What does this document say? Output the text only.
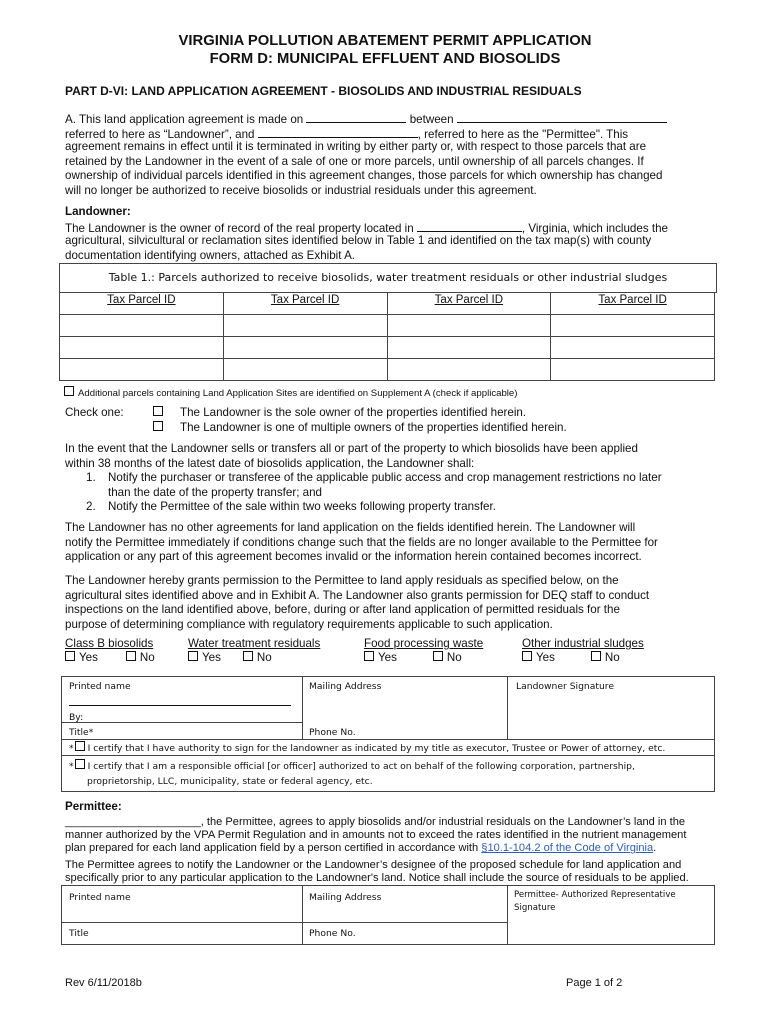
VIRGINIA POLLUTION ABATEMENT PERMIT APPLICATION
FORM D: MUNICIPAL EFFLUENT AND BIOSOLIDS
PART D-VI: LAND APPLICATION AGREEMENT - BIOSOLIDS AND INDUSTRIAL RESIDUALS
A. This land application agreement is made on	between
referred to here as “Landowner”, and	, referred to here as the "Permittee". This
agreement remains in effect until it is terminated in writing by either party or, with respect to those parcels that are
retained by the Landowner in the event of a sale of one or more parcels, until ownership of all parcels changes. If
ownership of individual parcels identified in this agreement changes, those parcels for which ownership has changed
will no longer be authorized to receive biosolids or industrial residuals under this agreement.
Landowner:
The Landowner is the owner of record of the real property located in	, Virginia, which includes the
agricultural, silvicultural or reclamation sites identified below in Table 1 and identified on the tax map(s) with county
documentation identifying owners, attached as Exhibit A.
Table 1.: Parcels authorized to receive biosolids, water treatment residuals or other industrial sludges
Tax Parcel ID	Tax Parcel ID	Tax Parcel ID	Tax Parcel ID

Additional parcels containing Land Application Sites are identified on Supplement A (check if applicable)
Check one:	The Landowner is the sole owner of the properties identified herein.
The Landowner is one of multiple owners of the properties identified herein.
In the event that the Landowner sells or transfers all or part of the property to which biosolids have been applied
within 38 months of the latest date of biosolids application, the Landowner shall:
1. Notify the purchaser or transferee of the applicable public access and crop management restrictions no later
than the date of the property transfer; and
2. Notify the Permittee of the sale within two weeks following property transfer.
The Landowner has no other agreements for land application on the fields identified herein. The Landowner will
notify the Permittee immediately if conditions change such that the fields are no longer available to the Permittee for
application or any part of this agreement becomes invalid or the information herein contained becomes incorrect.
The Landowner hereby grants permission to the Permittee to land apply residuals as specified below, on the
agricultural sites identified above and in Exhibit A. The Landowner also grants permission for DEQ staff to conduct
inspections on the land identified above, before, during or after land application of permitted residuals for the
purpose of determining compliance with regulatory requirements applicable to such application.
Class B biosolids
Yes	No
Water treatment residuals
Yes	No
Food processing waste
Yes	No
Other industrial sludges
Yes	No
Printed name	Mailing Address	Landowner Signature
By:
Title*	Phone No.
* I certify that I have authority to sign for the landowner as indicated by my title as executor, Trustee or Power of attorney, etc.
* I certify that I am a responsible official [or officer] authorized to act on behalf of the following corporation, partnership,
proprietorship, LLC, municipality, state or federal agency, etc.
Permittee:
______________________, the Permittee, agrees to apply biosolids and/or industrial residuals on the Landowner’s land in the
manner authorized by the VPA Permit Regulation and in amounts not to exceed the rates identified in the nutrient management
plan prepared for each land application field by a person certified in accordance with §10.1-104.2 of the Code of Virginia.
The Permittee agrees to notify the Landowner or the Landowner’s designee of the proposed schedule for land application and
specifically prior to any particular application to the Landowner's land. Notice shall include the source of residuals to be applied.
Printed name	Mailing Address	Permittee- Authorized Representative
Signature
Title	Phone No.
Rev 6/11/2018b	Page 1 of 2
